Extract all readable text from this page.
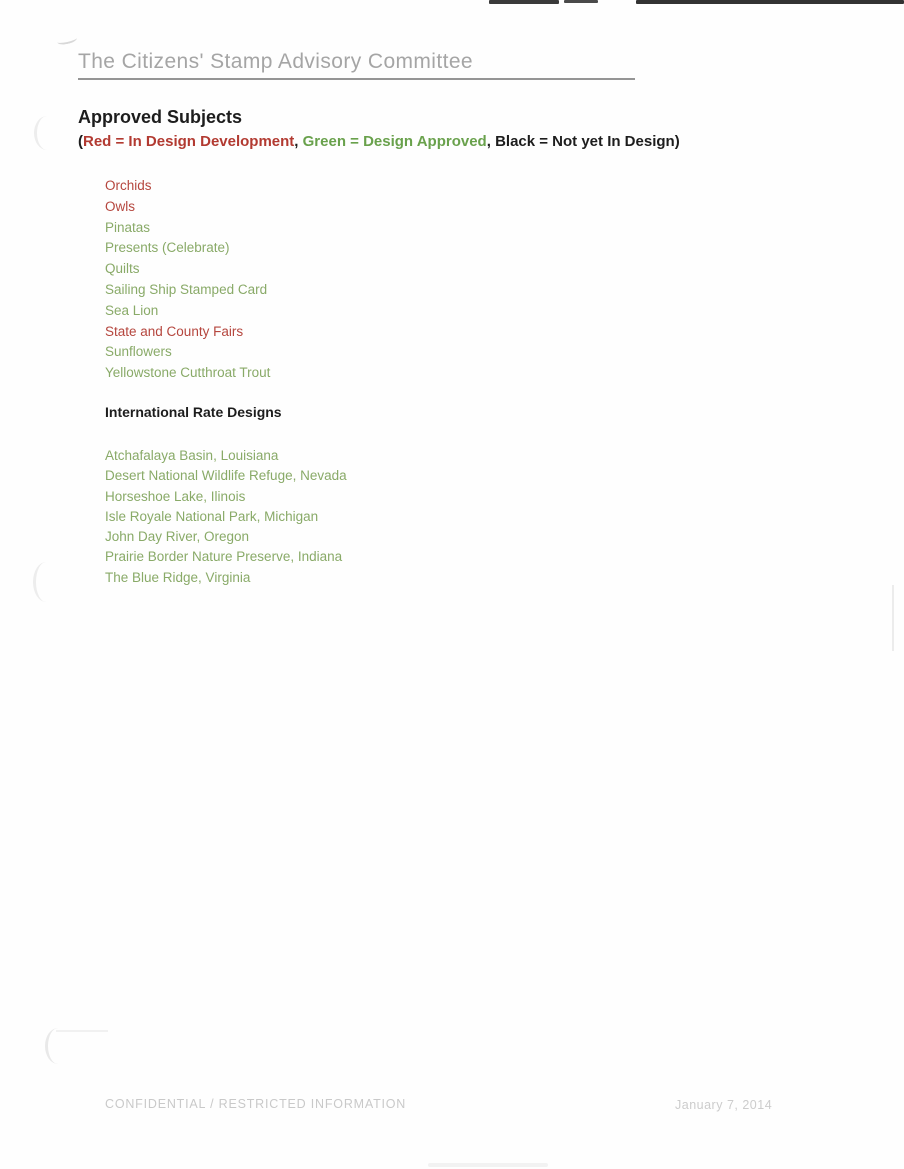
The Citizens' Stamp Advisory Committee
Approved Subjects
(Red = In Design Development, Green = Design Approved, Black = Not yet In Design)
Orchids
Owls
Pinatas
Presents (Celebrate)
Quilts
Sailing Ship Stamped Card
Sea Lion
State and County Fairs
Sunflowers
Yellowstone Cutthroat Trout
International Rate Designs
Atchafalaya Basin, Louisiana
Desert National Wildlife Refuge, Nevada
Horseshoe Lake, Ilinois
Isle Royale National Park, Michigan
John Day River, Oregon
Prairie Border Nature Preserve, Indiana
The Blue Ridge, Virginia
CONFIDENTIAL / RESTRICTED INFORMATION	January 7, 2014
